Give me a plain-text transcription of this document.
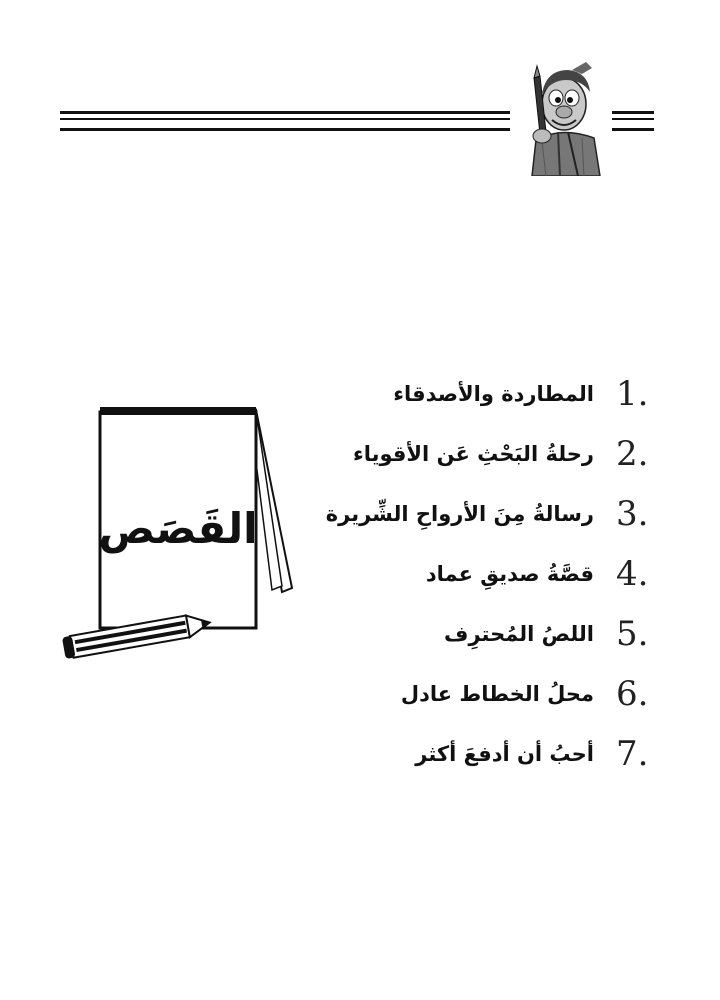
القَصَص
المطاردة والأصدقاء 1.
رحلةُ البَحْثِ عَن الأقوياء 2.
رسالةُ مِنَ الأرواحِ الشِّريرة 3.
قصَّةُ صديقِ عماد 4.
اللصُ المُحترِف 5.
محلُ الخطاط عادل 6.
أحبُ أن أدفعَ أكثر 7.
